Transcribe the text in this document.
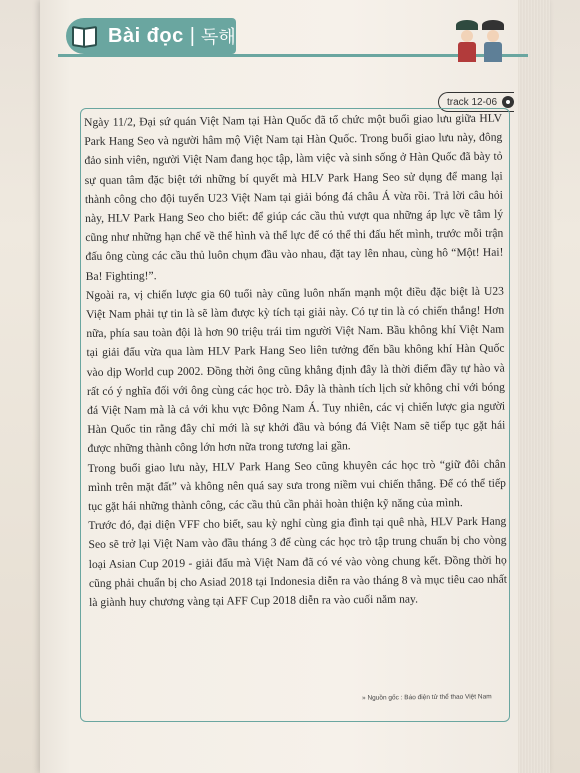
Bài đọc | 독해
track 12-06

Ngày 11/2, Đại sứ quán Việt Nam tại Hàn Quốc đã tổ chức một buổi giao lưu giữa HLV Park Hang Seo và người hâm mộ Việt Nam tại Hàn Quốc. Trong buổi giao lưu này, đông đảo sinh viên, người Việt Nam đang học tập, làm việc và sinh sống ở Hàn Quốc đã bày tỏ sự quan tâm đặc biệt tới những bí quyết mà HLV Park Hang Seo sử dụng để mang lại thành công cho đội tuyển U23 Việt Nam tại giải bóng đá châu Á vừa rồi. Trả lời câu hỏi này, HLV Park Hang Seo cho biết: để giúp các cầu thủ vượt qua những áp lực về tâm lý cũng như những hạn chế về thể hình và thể lực để có thể thi đấu hết mình, trước mỗi trận đấu ông cùng các cầu thủ luôn chụm đầu vào nhau, đặt tay lên nhau, cùng hô “Một! Hai! Ba! Fighting!”.

Ngoài ra, vị chiến lược gia 60 tuổi này cũng luôn nhấn mạnh một điều đặc biệt là U23 Việt Nam phải tự tin là sẽ làm được kỳ tích tại giải này. Có tự tin là có chiến thắng! Hơn nữa, phía sau toàn đội là hơn 90 triệu trái tim người Việt Nam. Bầu không khí Việt Nam tại giải đấu vừa qua làm HLV Park Hang Seo liên tưởng đến bầu không khí Hàn Quốc vào dịp World cup 2002. Đồng thời ông cũng khẳng định đây là thời điểm đầy tự hào và rất có ý nghĩa đối với ông cùng các học trò. Đây là thành tích lịch sử không chỉ với bóng đá Việt Nam mà là cả với khu vực Đông Nam Á. Tuy nhiên, các vị chiến lược gia người Hàn Quốc tin rằng đây chỉ mới là sự khởi đầu và bóng đá Việt Nam sẽ tiếp tục gặt hái được những thành công lớn hơn nữa trong tương lai gần.

Trong buổi giao lưu này, HLV Park Hang Seo cũng khuyên các học trò “giữ đôi chân mình trên mặt đất” và không nên quá say sưa trong niềm vui chiến thắng. Để có thể tiếp tục gặt hái những thành công, các cầu thủ cần phải hoàn thiện kỹ năng của mình.

Trước đó, đại diện VFF cho biết, sau kỳ nghỉ cùng gia đình tại quê nhà, HLV Park Hang Seo sẽ trở lại Việt Nam vào đầu tháng 3 để cùng các học trò tập trung chuẩn bị cho vòng loại Asian Cup 2019 - giải đấu mà Việt Nam đã có vé vào vòng chung kết. Đồng thời họ cũng phải chuẩn bị cho Asiad 2018 tại Indonesia diễn ra vào tháng 8 và mục tiêu cao nhất là giành huy chương vàng tại AFF Cup 2018 diễn ra vào cuối năm nay.

» Nguồn gốc : Báo điện tử thể thao Việt Nam
